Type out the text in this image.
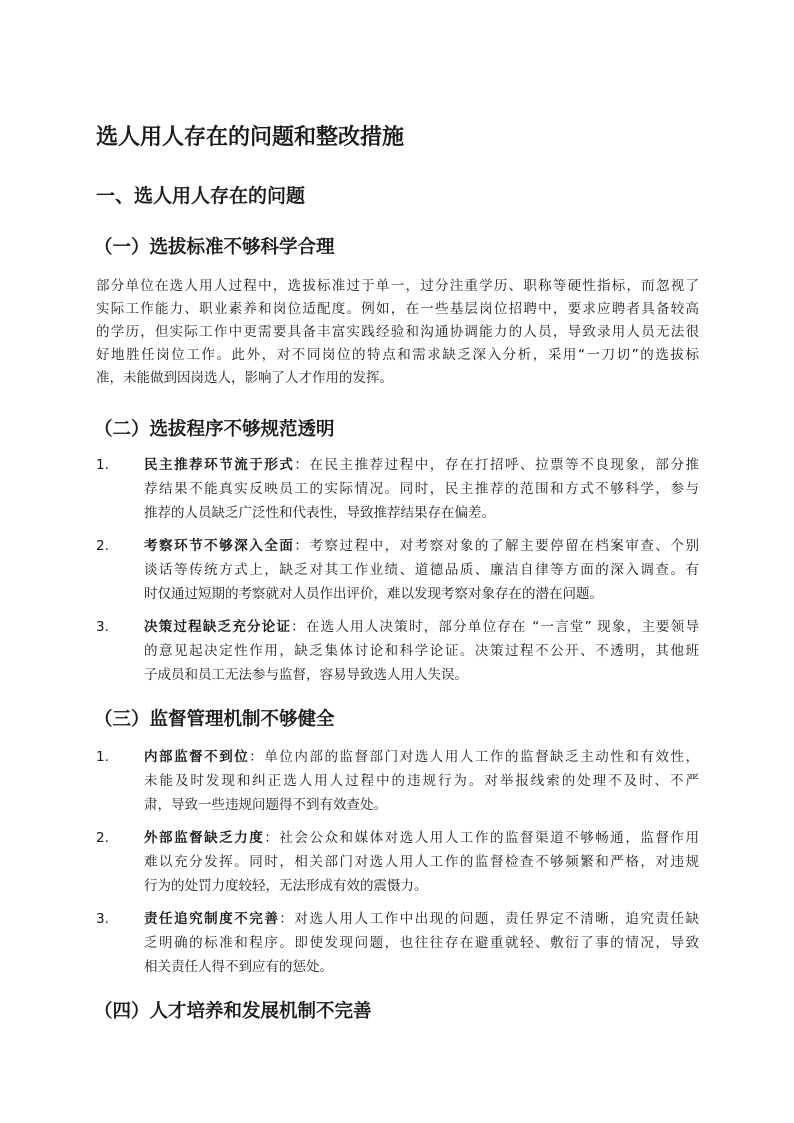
选人用人存在的问题和整改措施
一、选人用人存在的问题
（一）选拔标准不够科学合理

部分单位在选人用人过程中，选拔标准过于单一，过分注重学历、职称等硬性指标，而忽视了
实际工作能力、职业素养和岗位适配度。例如，在一些基层岗位招聘中，要求应聘者具备较高
的学历，但实际工作中更需要具备丰富实践经验和沟通协调能力的人员，导致录用人员无法很
好地胜任岗位工作。此外，对不同岗位的特点和需求缺乏深入分析，采用“一刀切”的选拔标
准，未能做到因岗选人，影响了人才作用的发挥。

（二）选拔程序不够规范透明
1.	民主推荐环节流于形式：在民主推荐过程中，存在打招呼、拉票等不良现象，部分推
荐结果不能真实反映员工的实际情况。同时，民主推荐的范围和方式不够科学，参与
推荐的人员缺乏广泛性和代表性，导致推荐结果存在偏差。
2.	考察环节不够深入全面：考察过程中，对考察对象的了解主要停留在档案审查、个别
谈话等传统方式上，缺乏对其工作业绩、道德品质、廉洁自律等方面的深入调查。有
时仅通过短期的考察就对人员作出评价，难以发现考察对象存在的潜在问题。
3.	决策过程缺乏充分论证：在选人用人决策时，部分单位存在 “一言堂” 现象，主要领导
的意见起决定性作用，缺乏集体讨论和科学论证。决策过程不公开、不透明，其他班
子成员和员工无法参与监督，容易导致选人用人失误。
（三）监督管理机制不够健全
1.	内部监督不到位：单位内部的监督部门对选人用人工作的监督缺乏主动性和有效性，
未能及时发现和纠正选人用人过程中的违规行为。对举报线索的处理不及时、不严
肃，导致一些违规问题得不到有效查处。
2.	外部监督缺乏力度：社会公众和媒体对选人用人工作的监督渠道不够畅通，监督作用
难以充分发挥。同时，相关部门对选人用人工作的监督检查不够频繁和严格，对违规
行为的处罚力度较轻，无法形成有效的震慑力。
3.	责任追究制度不完善：对选人用人工作中出现的问题，责任界定不清晰，追究责任缺
乏明确的标准和程序。即使发现问题，也往往存在避重就轻、敷衍了事的情况，导致
相关责任人得不到应有的惩处。
（四）人才培养和发展机制不完善
